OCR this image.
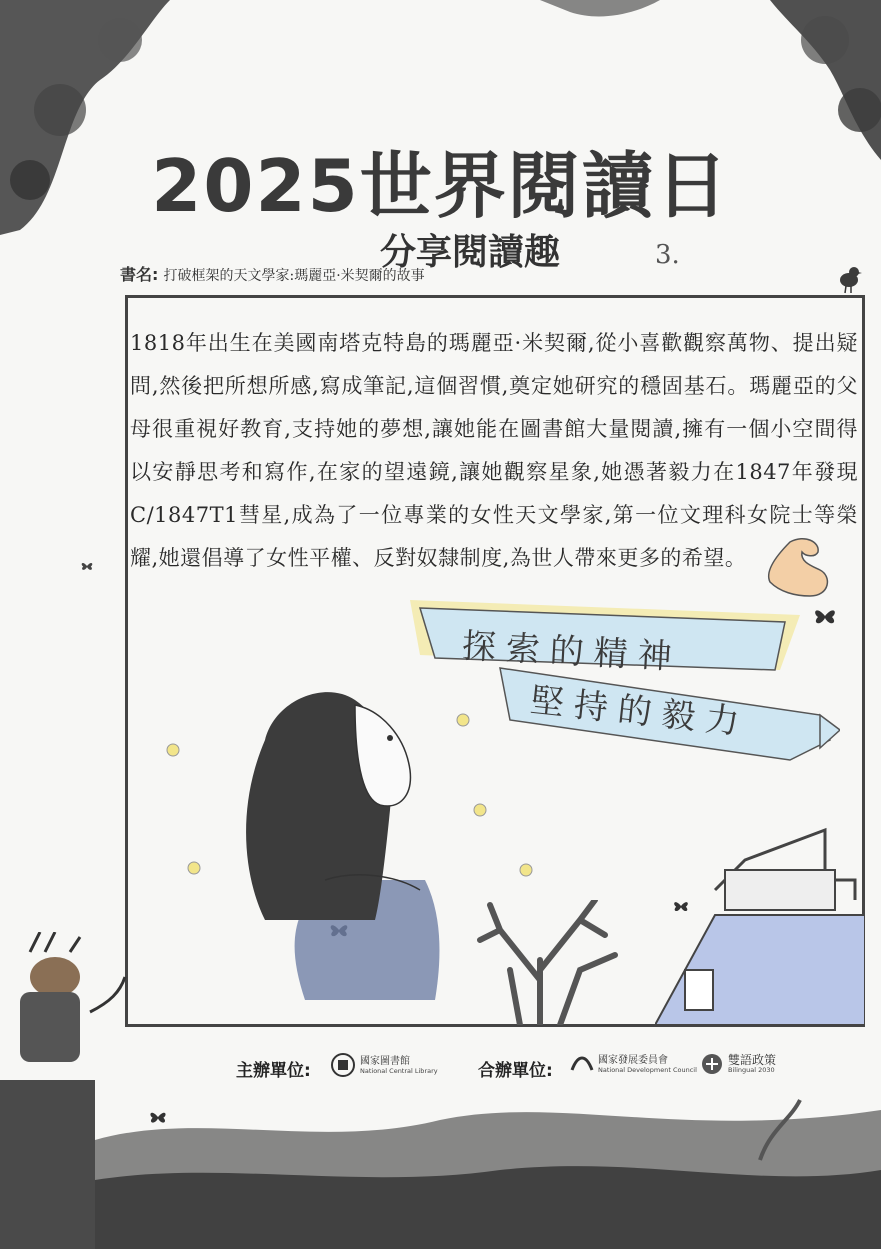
2025世界閱讀日
分享閱讀趣	3.
書名: 打破框架的天文學家:瑪麗亞·米契爾的故事
1818年出生在美國南塔克特島的瑪麗亞·米契爾,從小喜歡觀察萬物、提出疑問,然後把所想所感,寫成筆記,這個習慣,奠定她研究的穩固基石。瑪麗亞的父母很重視好教育,支持她的夢想,讓她能在圖書館大量閱讀,擁有一個小空間得以安靜思考和寫作,在家的望遠鏡,讓她觀察星象,她憑著毅力在1847年發現C/1847T1彗星,成為了一位專業的女性天文學家,第一位文理科女院士等榮耀,她還倡導了女性平權、反對奴隸制度,為世人帶來更多的希望。
探索的精神
堅持的毅力
主辦單位:	國家圖書館
National Central Library 合辦單位:
國家發展委員會
National Development Council
雙語政策
Bilingual 2030
